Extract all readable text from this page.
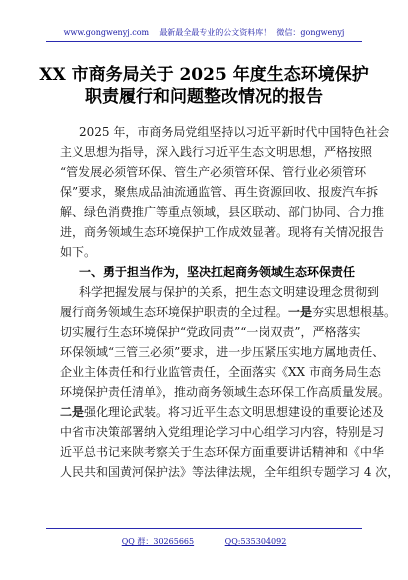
www.gongwenyj.com 最新最全最专业的公文资料库！ 微信：gongwenyj
XX 市商务局关于 2025 年度生态环境保护
职责履行和问题整改情况的报告
2025 年，市商务局党组坚持以习近平新时代中国特色社会
主义思想为指导，深入践行习近平生态文明思想，严格按照
“管发展必须管环保、管生产必须管环保、管行业必须管环
保”要求，聚焦成品油流通监管、再生资源回收、报废汽车拆
解、绿色消费推广等重点领域，县区联动、部门协同、合力推
进，商务领域生态环境保护工作成效显著。现将有关情况报告
如下。
一、勇于担当作为，坚决扛起商务领域生态环保责任
科学把握发展与保护的关系，把生态文明建设理念贯彻到
履行商务领域生态环境保护职责的全过程。一是夯实思想根基。
切实履行生态环境保护“党政同责”“一岗双责”，严格落实
环保领域“三管三必须”要求，进一步压紧压实地方属地责任、
企业主体责任和行业监管责任，全面落实《XX 市商务局生态
环境保护责任清单》，推动商务领域生态环保工作高质量发展。
二是强化理论武装。将习近平生态文明思想建设的重要论述及
中省市决策部署纳入党组理论学习中心组学习内容，特别是习
近平总书记来陕考察关于生态环保方面重要讲话精神和《中华
人民共和国黄河保护法》等法律法规，全年组织专题学习 4 次，
QQ 群：30265665	QQ:535304092
